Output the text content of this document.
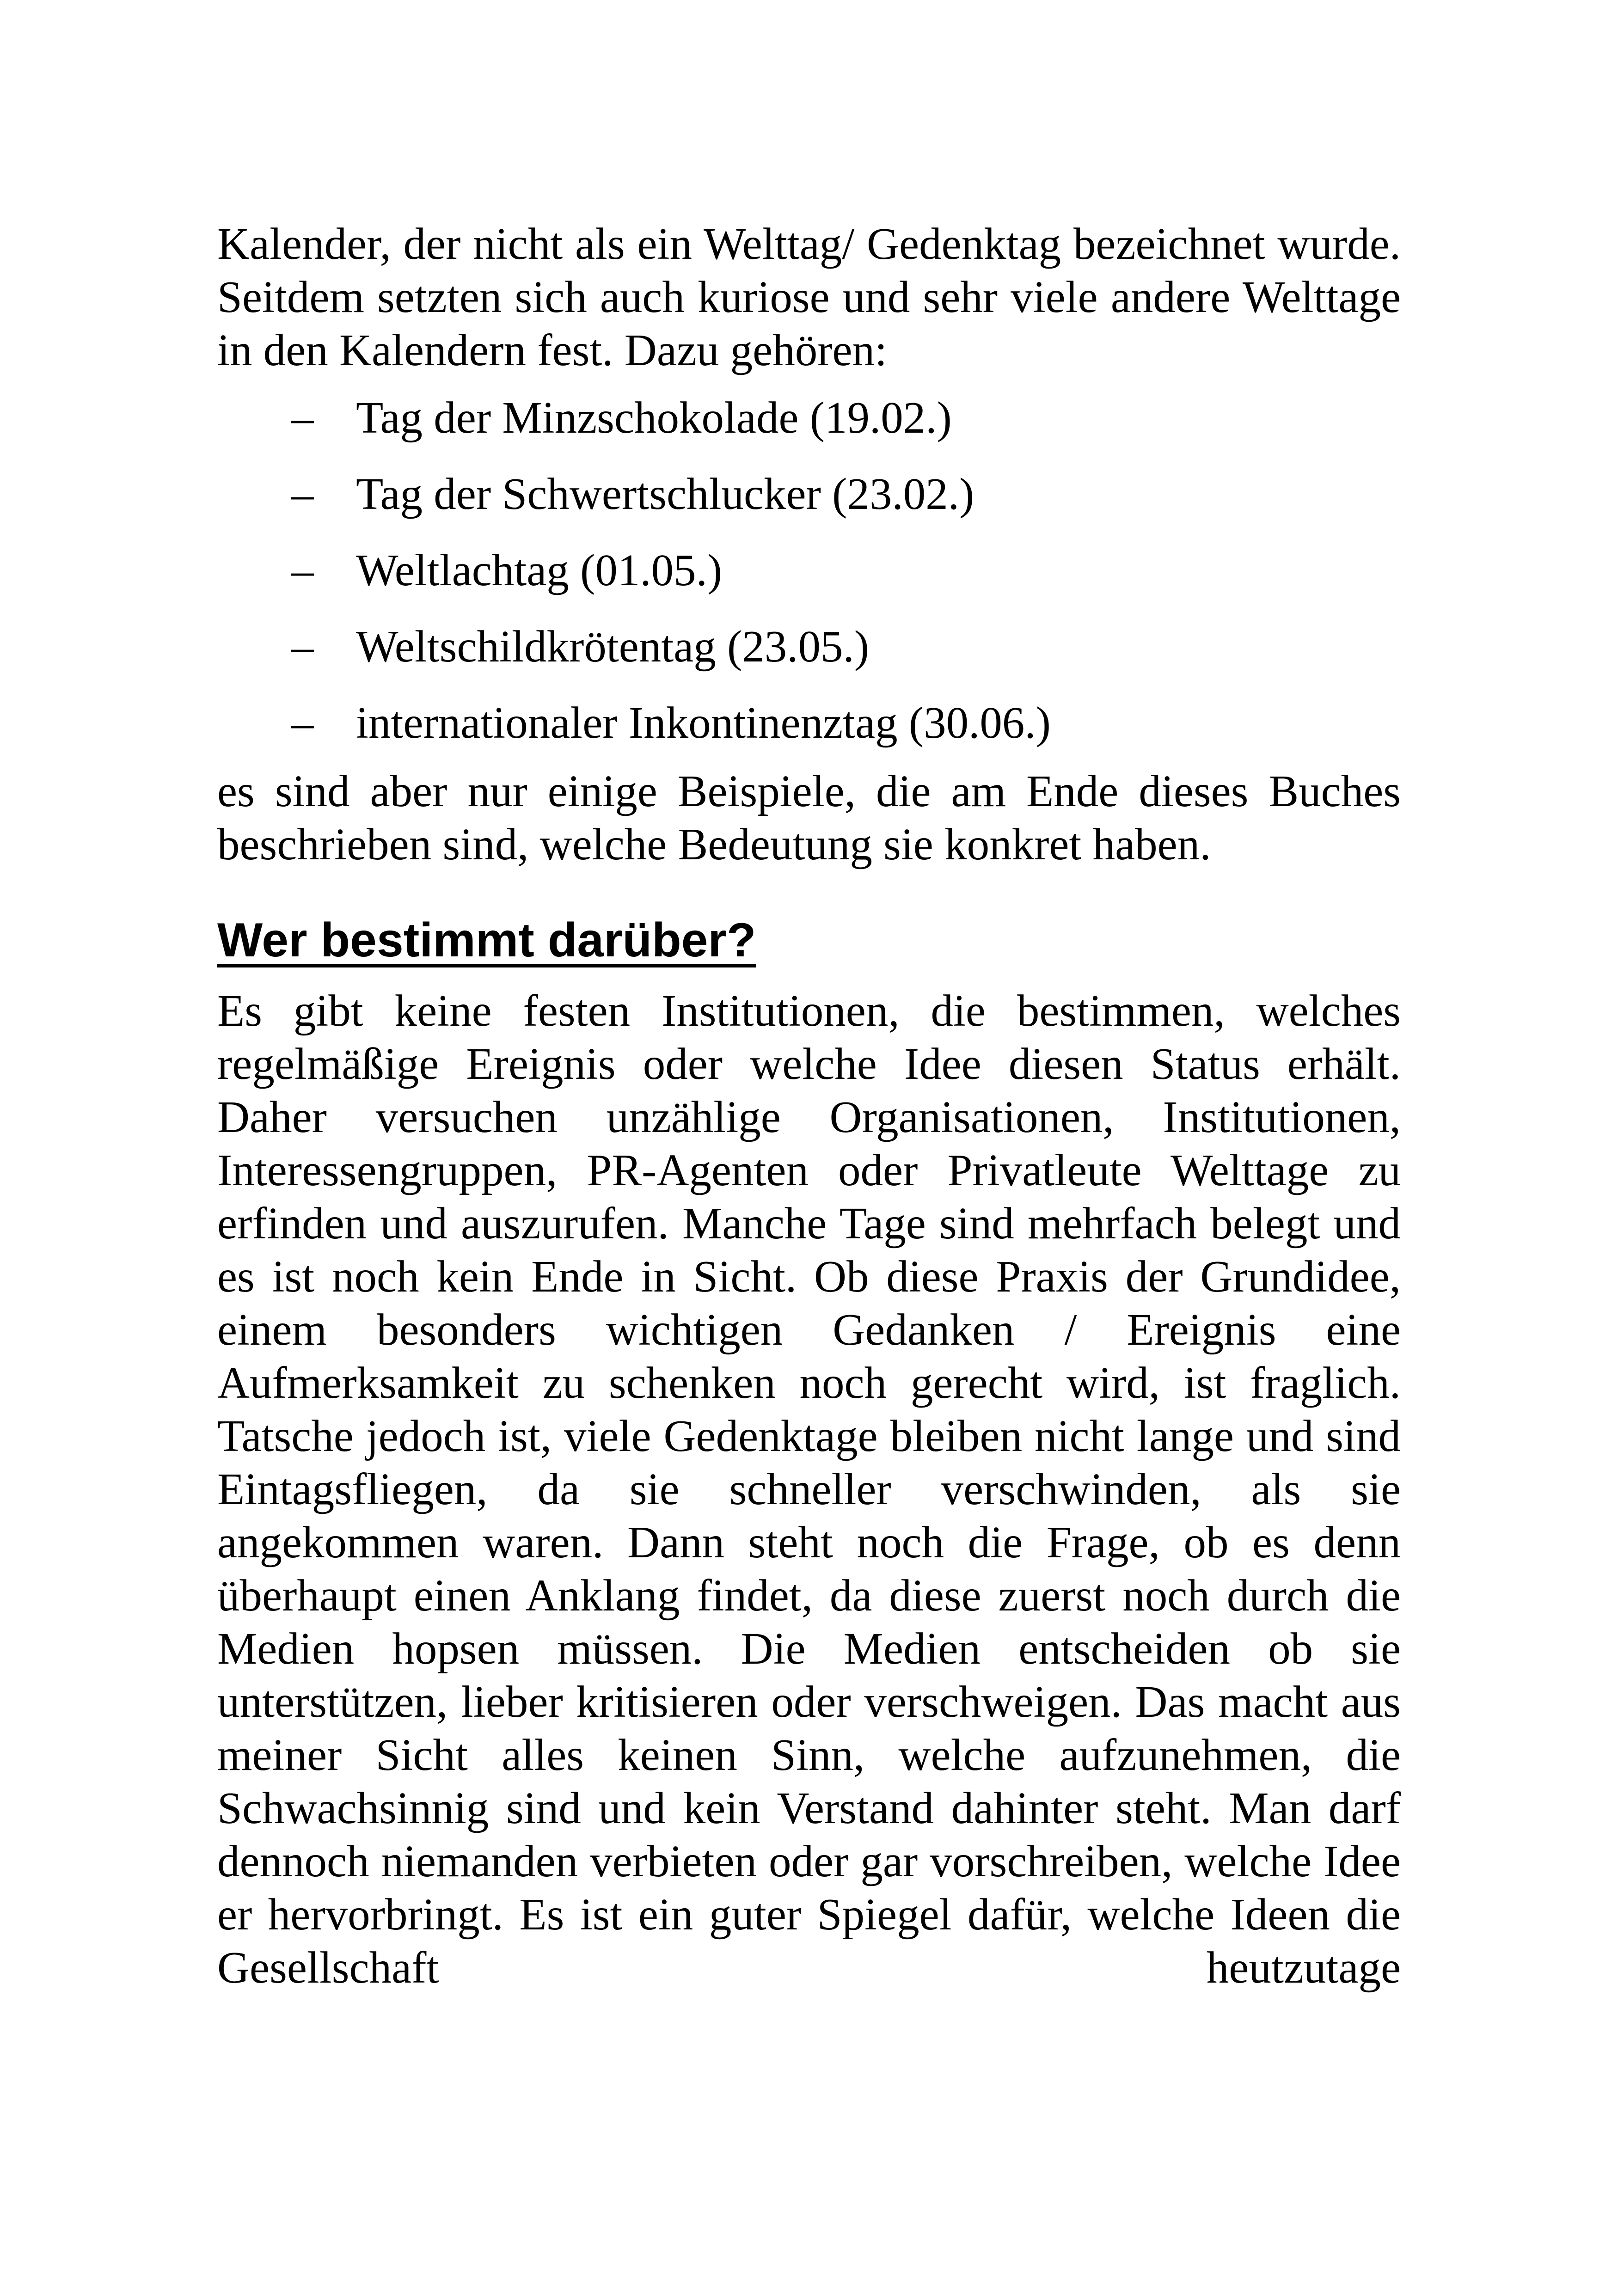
Kalender, der nicht als ein Welttag/ Gedenktag bezeichnet wurde. Seitdem setzten sich auch kuriose und sehr viele andere Welttage in den Kalendern fest. Dazu gehören:

– Tag der Minzschokolade (19.02.)
– Tag der Schwertschlucker (23.02.)
– Weltlachtag (01.05.)
– Weltschildkrötentag (23.05.)
– internationaler Inkontinenztag (30.06.)

es sind aber nur einige Beispiele, die am Ende dieses Buches beschrieben sind, welche Bedeutung sie konkret haben.

Wer bestimmt darüber?

Es gibt keine festen Institutionen, die bestimmen, welches regelmäßige Ereignis oder welche Idee diesen Status erhält. Daher versuchen unzählige Organisationen, Institutionen, Interessengruppen, PR-Agenten oder Privatleute Welttage zu erfinden und auszurufen. Manche Tage sind mehrfach belegt und es ist noch kein Ende in Sicht. Ob diese Praxis der Grundidee, einem besonders wichtigen Gedanken / Ereignis eine Aufmerksamkeit zu schenken noch gerecht wird, ist fraglich. Tatsche jedoch ist, viele Gedenktage bleiben nicht lange und sind Eintagsfliegen, da sie schneller verschwinden, als sie angekommen waren. Dann steht noch die Frage, ob es denn überhaupt einen Anklang findet, da diese zuerst noch durch die Medien hopsen müssen. Die Medien entscheiden ob sie unterstützen, lieber kritisieren oder verschweigen. Das macht aus meiner Sicht alles keinen Sinn, welche aufzunehmen, die Schwachsinnig sind und kein Verstand dahinter steht. Man darf dennoch niemanden verbieten oder gar vorschreiben, welche Idee er hervorbringt. Es ist ein guter Spiegel dafür, welche Ideen die Gesellschaft heutzutage
